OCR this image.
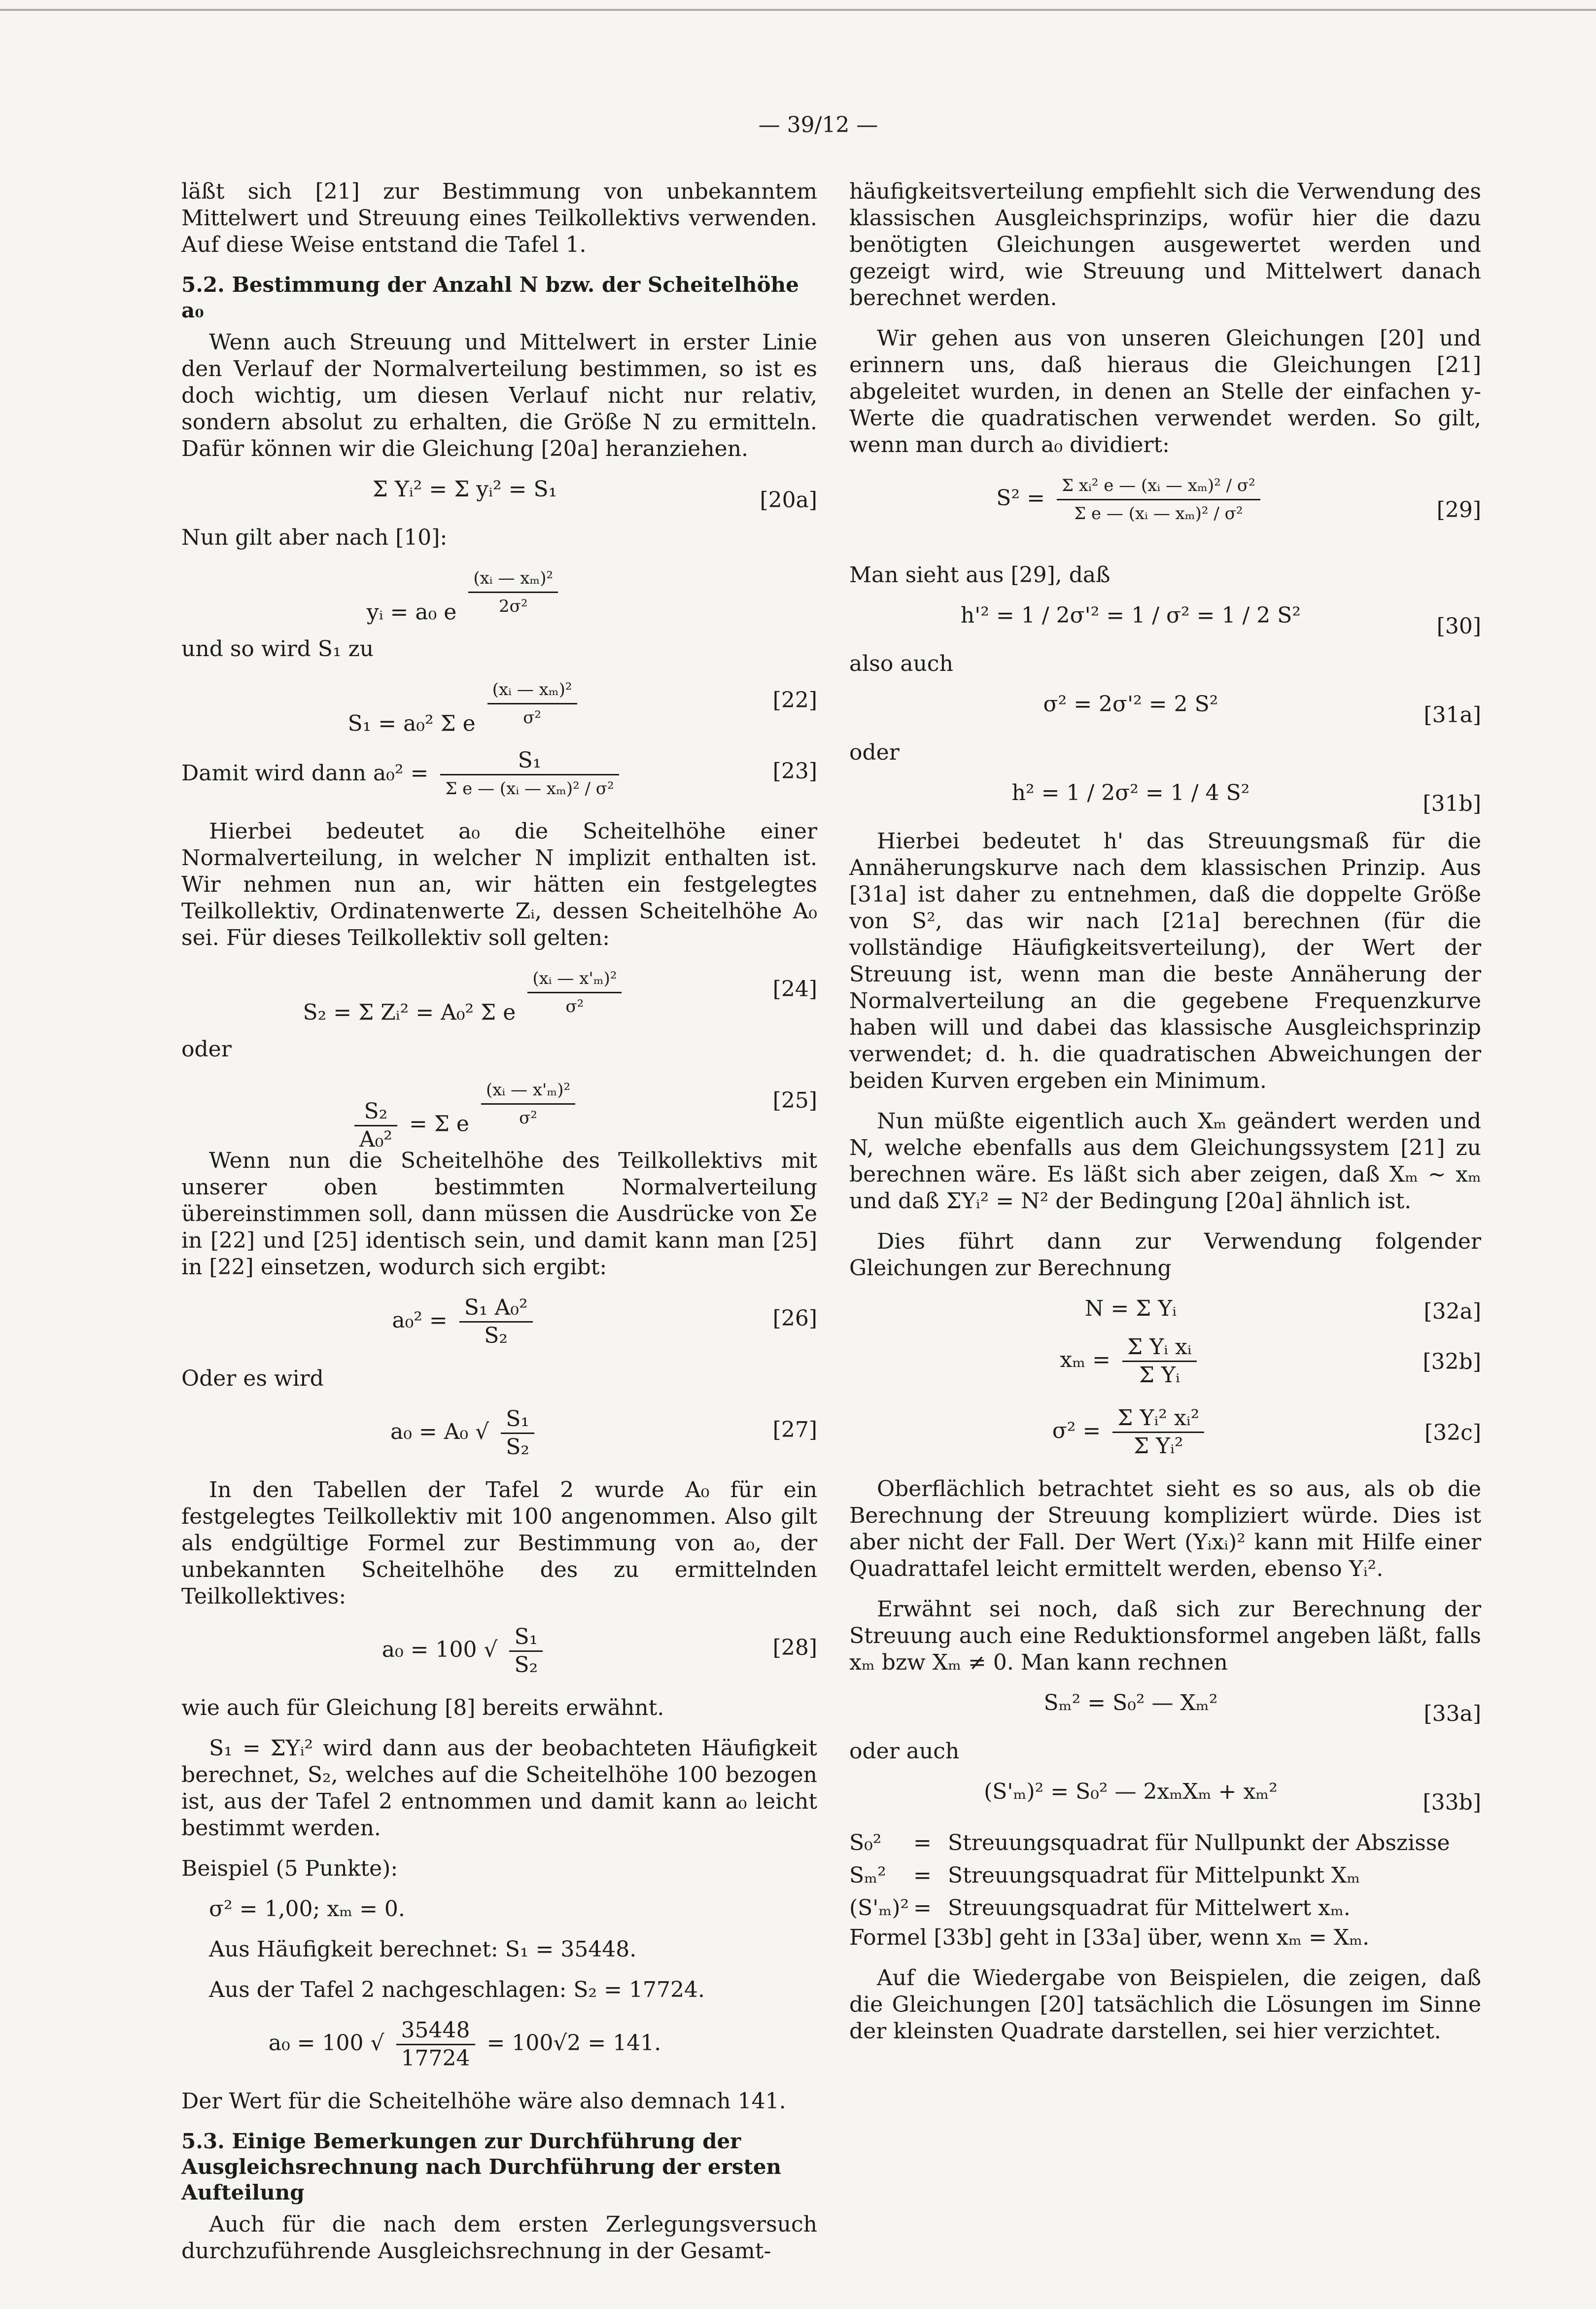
— 39/12 —

läßt sich [21] zur Bestimmung von unbekanntem Mittelwert und Streuung eines Teilkollektivs verwenden. Auf diese Weise entstand die Tafel 1.

5.2. Bestimmung der Anzahl N bzw. der Scheitelhöhe a₀

Wenn auch Streuung und Mittelwert in erster Linie den Verlauf der Normalverteilung bestimmen, so ist es doch wichtig, um diesen Verlauf nicht nur relativ, sondern absolut zu erhalten, die Größe N zu ermitteln. Dafür können wir die Gleichung [20a] heranziehen.

Σ Yᵢ² = Σ yᵢ² = S₁	[20a]

Nun gilt aber nach [10]:

yᵢ = a₀ e $\frac{\text{(xᵢ — xₘ)²}}{\text{2σ²}}$

und so wird S₁ zu

S₁ = a₀² Σ e $\frac{\text{(xᵢ — xₘ)²}}{\text{σ²}}$	[22]
Damit wird dann $a_0^2 = \frac{\text{S₁}}{\text{Σ e — (xᵢ — xₘ)² / σ²}}$	[23]

Hierbei bedeutet a₀ die Scheitelhöhe einer Normalverteilung, in welcher N implizit enthalten ist. Wir nehmen nun an, wir hätten ein festgelegtes Teilkollektiv, Ordinatenwerte Zᵢ, dessen Scheitelhöhe A₀ sei. Für dieses Teilkollektiv soll gelten:

S₂ = Σ Zᵢ² = A₀² Σ e $\frac{\text{(xᵢ — x'ₘ)²}}{\text{σ²}}$	[24]

oder

$\frac{\text{S₂}}{\text{A₀²}} = \Sigma$ e $\frac{\text{(xᵢ — x'ₘ)²}}{\text{σ²}}$	[25]

Wenn nun die Scheitelhöhe des Teilkollektivs mit unserer oben bestimmten Normalverteilung übereinstimmen soll, dann müssen die Ausdrücke von Σe in [22] und [25] identisch sein, und damit kann man [25] in [22] einsetzen, wodurch sich ergibt:

$a_0^2 = \frac{\text{S₁ A₀²}}{\text{S₂}}$	[26]

Oder es wird

a₀ = A₀ √ $\frac{\text{S₁}}{\text{S₂}}$	[27]

In den Tabellen der Tafel 2 wurde A₀ für ein festgelegtes Teilkollektiv mit 100 angenommen. Also gilt als endgültige Formel zur Bestimmung von a₀, der unbekannten Scheitelhöhe des zu ermittelnden Teilkollektives:

a₀ = 100 √ $\frac{\text{S₁}}{\text{S₂}}$	[28]

wie auch für Gleichung [8] bereits erwähnt.

S₁ = ΣYᵢ² wird dann aus der beobachteten Häufigkeit berechnet, S₂, welches auf die Scheitelhöhe 100 bezogen ist, aus der Tafel 2 entnommen und damit kann a₀ leicht bestimmt werden.

Beispiel (5 Punkte):

σ² = 1,00; xₘ = 0.

Aus Häufigkeit berechnet: S₁ = 35448.

Aus der Tafel 2 nachgeschlagen: S₂ = 17724.

a₀ = 100 √ $\frac{35448}{17724} = 100√2 = 141$.

Der Wert für die Scheitelhöhe wäre also demnach 141.

5.3. Einige Bemerkungen zur Durchführung der Ausgleichsrechnung nach Durchführung der ersten Aufteilung

Auch für die nach dem ersten Zerlegungsversuch durchzuführende Ausgleichsrechnung in der Gesamt-

häufigkeitsverteilung empfiehlt sich die Verwendung des klassischen Ausgleichsprinzips, wofür hier die dazu benötigten Gleichungen ausgewertet werden und gezeigt wird, wie Streuung und Mittelwert danach berechnet werden.

Wir gehen aus von unseren Gleichungen [20] und erinnern uns, daß hieraus die Gleichungen [21] abgeleitet wurden, in denen an Stelle der einfachen y-Werte die quadratischen verwendet werden. So gilt, wenn man durch a₀ dividiert:

$S^2 = \frac{\text{Σ xᵢ² e — (xᵢ — xₘ)² / σ²}}{\text{Σ e — (xᵢ — xₘ)² / σ²}}$	[29]

Man sieht aus [29], daß

h'² = 1 / 2σ'² = 1 / σ² = 1 / 2 S²	[30]

also auch

σ² = 2σ'² = 2 S²	[31a]

oder

h² = 1 / 2σ² = 1 / 4 S²	[31b]

Hierbei bedeutet h' das Streuungsmaß für die Annäherungskurve nach dem klassischen Prinzip. Aus [31a] ist daher zu entnehmen, daß die doppelte Größe von S², das wir nach [21a] berechnen (für die vollständige Häufigkeitsverteilung), der Wert der Streuung ist, wenn man die beste Annäherung der Normalverteilung an die gegebene Frequenzkurve haben will und dabei das klassische Ausgleichsprinzip verwendet; d. h. die quadratischen Abweichungen der beiden Kurven ergeben ein Minimum.

Nun müßte eigentlich auch Xₘ geändert werden und N, welche ebenfalls aus dem Gleichungssystem [21] zu berechnen wäre. Es läßt sich aber zeigen, daß Xₘ ~ xₘ und daß ΣYᵢ² = N² der Bedingung [20a] ähnlich ist.

Dies führt dann zur Verwendung folgender Gleichungen zur Berechnung

N = Σ Yᵢ	[32a]
$x_m = \frac{\text{Σ Yᵢ xᵢ}}{\text{Σ Yᵢ}}$	[32b]
$\sigma^2 = \frac{\text{Σ Yᵢ² xᵢ²}}{\text{Σ Yᵢ²}}$	[32c]

Oberflächlich betrachtet sieht es so aus, als ob die Berechnung der Streuung kompliziert würde. Dies ist aber nicht der Fall. Der Wert (Yᵢxᵢ)² kann mit Hilfe einer Quadrattafel leicht ermittelt werden, ebenso Yᵢ².

Erwähnt sei noch, daß sich zur Berechnung der Streuung auch eine Reduktionsformel angeben läßt, falls xₘ bzw Xₘ ≠ 0. Man kann rechnen

Sₘ² = S₀² — Xₘ²	[33a]

oder auch

(S'ₘ)² = S₀² — 2xₘXₘ + xₘ²	[33b]
S₀² = Streuungsquadrat für Nullpunkt der Abszisse
Sₘ² = Streuungsquadrat für Mittelpunkt Xₘ
(S'ₘ)² = Streuungsquadrat für Mittelwert xₘ.

Formel [33b] geht in [33a] über, wenn xₘ = Xₘ.

Auf die Wiedergabe von Beispielen, die zeigen, daß die Gleichungen [20] tatsächlich die Lösungen im Sinne der kleinsten Quadrate darstellen, sei hier verzichtet.
